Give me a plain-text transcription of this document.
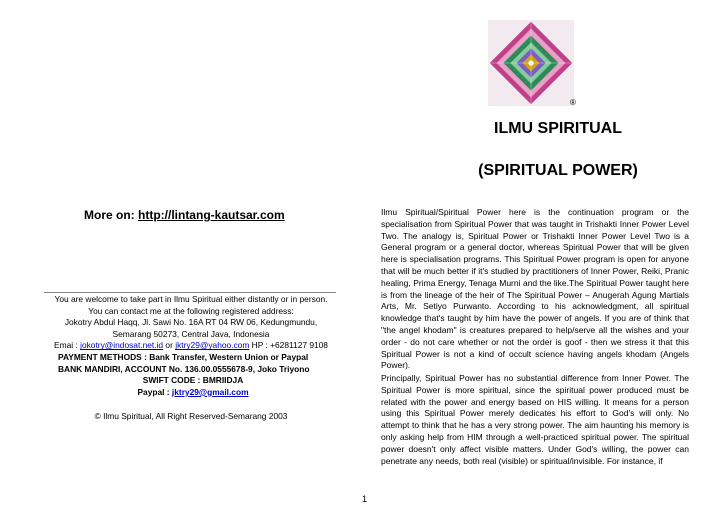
®
ILMU SPIRITUAL
(SPIRITUAL POWER)
More on: http://lintang-kautsar.com
You are welcome to take part in Ilmu Spiritual either distantly or in person.
You can contact me at the following registered address:
Jokotry Abdul Haqq, Jl. Sawi No. 16A RT 04 RW 06, Kedungmundu,
Semarang 50273, Central Java, Indonesia
Emai : jokotry@indosat.net.id or jktry29@yahoo.com HP : +6281127 9108
PAYMENT METHODS : Bank Transfer, Western Union or Paypal
BANK MANDIRI, ACCOUNT No. 136.00.0555678-9, Joko Triyono
SWIFT CODE : BMRIIDJA
Paypal : jktry29@gmail.com
© Ilmu Spiritual, All Right Reserved-Semarang 2003
1
Ilmu Spiritual/Spiritual Power here is the continuation program or the specialisation from Spiritual Power that was taught in Trishakti Inner Power Level Two. The analogy is, Spiritual Power or Trishakti Inner Power Level Two is a General program or a general doctor, whereas Spiritual Power that will be given here is specialisation programs. This Spiritual Power program is open for anyone that will be much better if it's studied by practitioners of Inner Power, Reiki, Pranic healing, Prima Energy, Tenaga Murni and the like.The Spiritual Power taught here is from the lineage of the heir of The Spiritual Power – Anugerah Agung Martials Arts, Mr. Setiyo Purwanto. According to his acknowledgment, all spiritual knowledge that's taught by him have the power of angels. If you are of think that "the angel khodam" is creatures prepared to help/serve all the wishes and your order - do not care whether or not the order is goof - then we stress it that this Spiritual Power is not a kind of occult science having angels khodam (Angels Power).
Principally, Spiritual Power has no substantial difference from Inner Power. The Spiritual Power is more spiritual, since the spiritual power produced must be related with the power and energy based on HIS willing. It means for a person using this Spiritual Power merely dedicates his effort to God's will only. No attempt to think that he has a very strong power. The aim haunting his memory is only asking help from HIM through a well-practiced spiritual power. The spiritual power doesn't only affect visible matters. Under God's willing, the power can penetrate any needs, both real (visible) or spiritual/invisible. For instance, if
